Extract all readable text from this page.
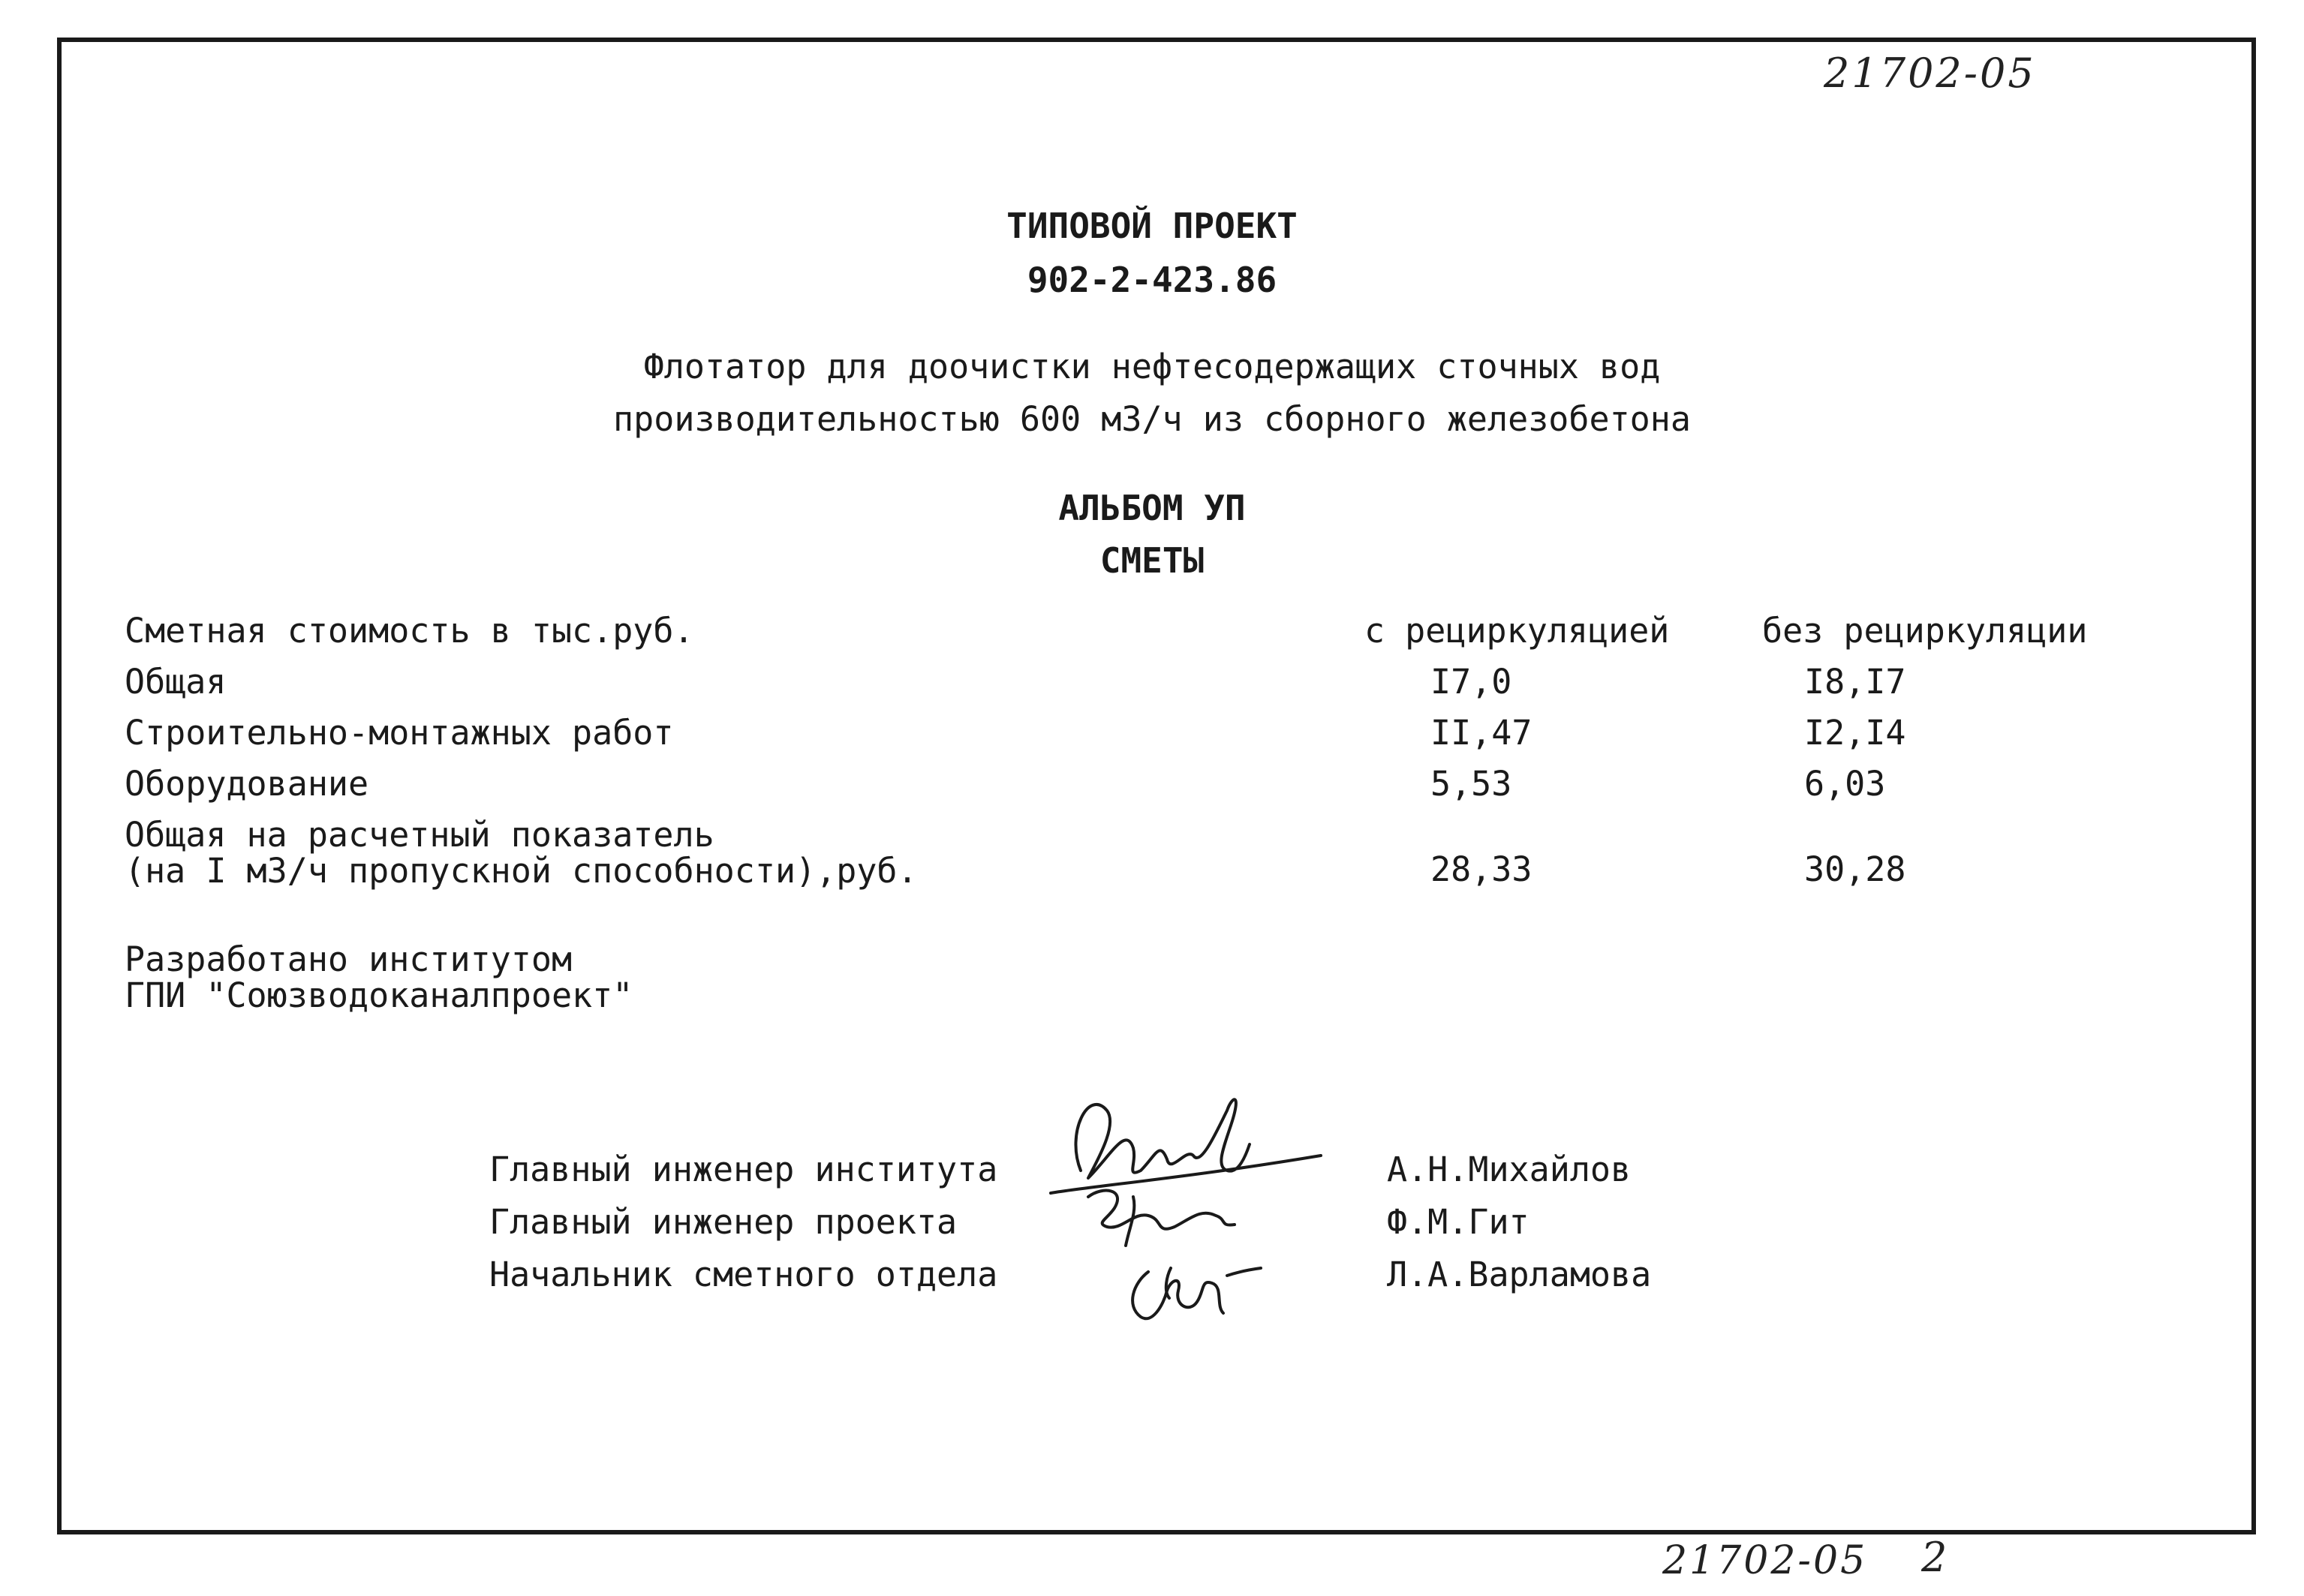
21702-05
21702-05 2
ТИПОВОЙ ПРОЕКТ
902-2-423.86
Флотатор для доочистки нефтесодержащих сточных вод
производительностью 600 м3/ч из сборного железобетона
АЛЬБОМ УП
СМЕТЫ
Сметная стоимость в тыс.руб.	с рециркуляцией	без рециркуляции
Общая	I7,0	I8,I7
Строительно-монтажных работ	II,47	I2,I4
Оборудование	5,53	6,03
Общая на расчетный показатель
(на I м3/ч пропускной способности),руб.	28,33	30,28
Разработано институтом
ГПИ "Союзводоканалпроект"
Главный инженер института	А.Н.Михайлов
Главный инженер проекта	Ф.М.Гит
Начальник сметного отдела	Л.А.Варламова
